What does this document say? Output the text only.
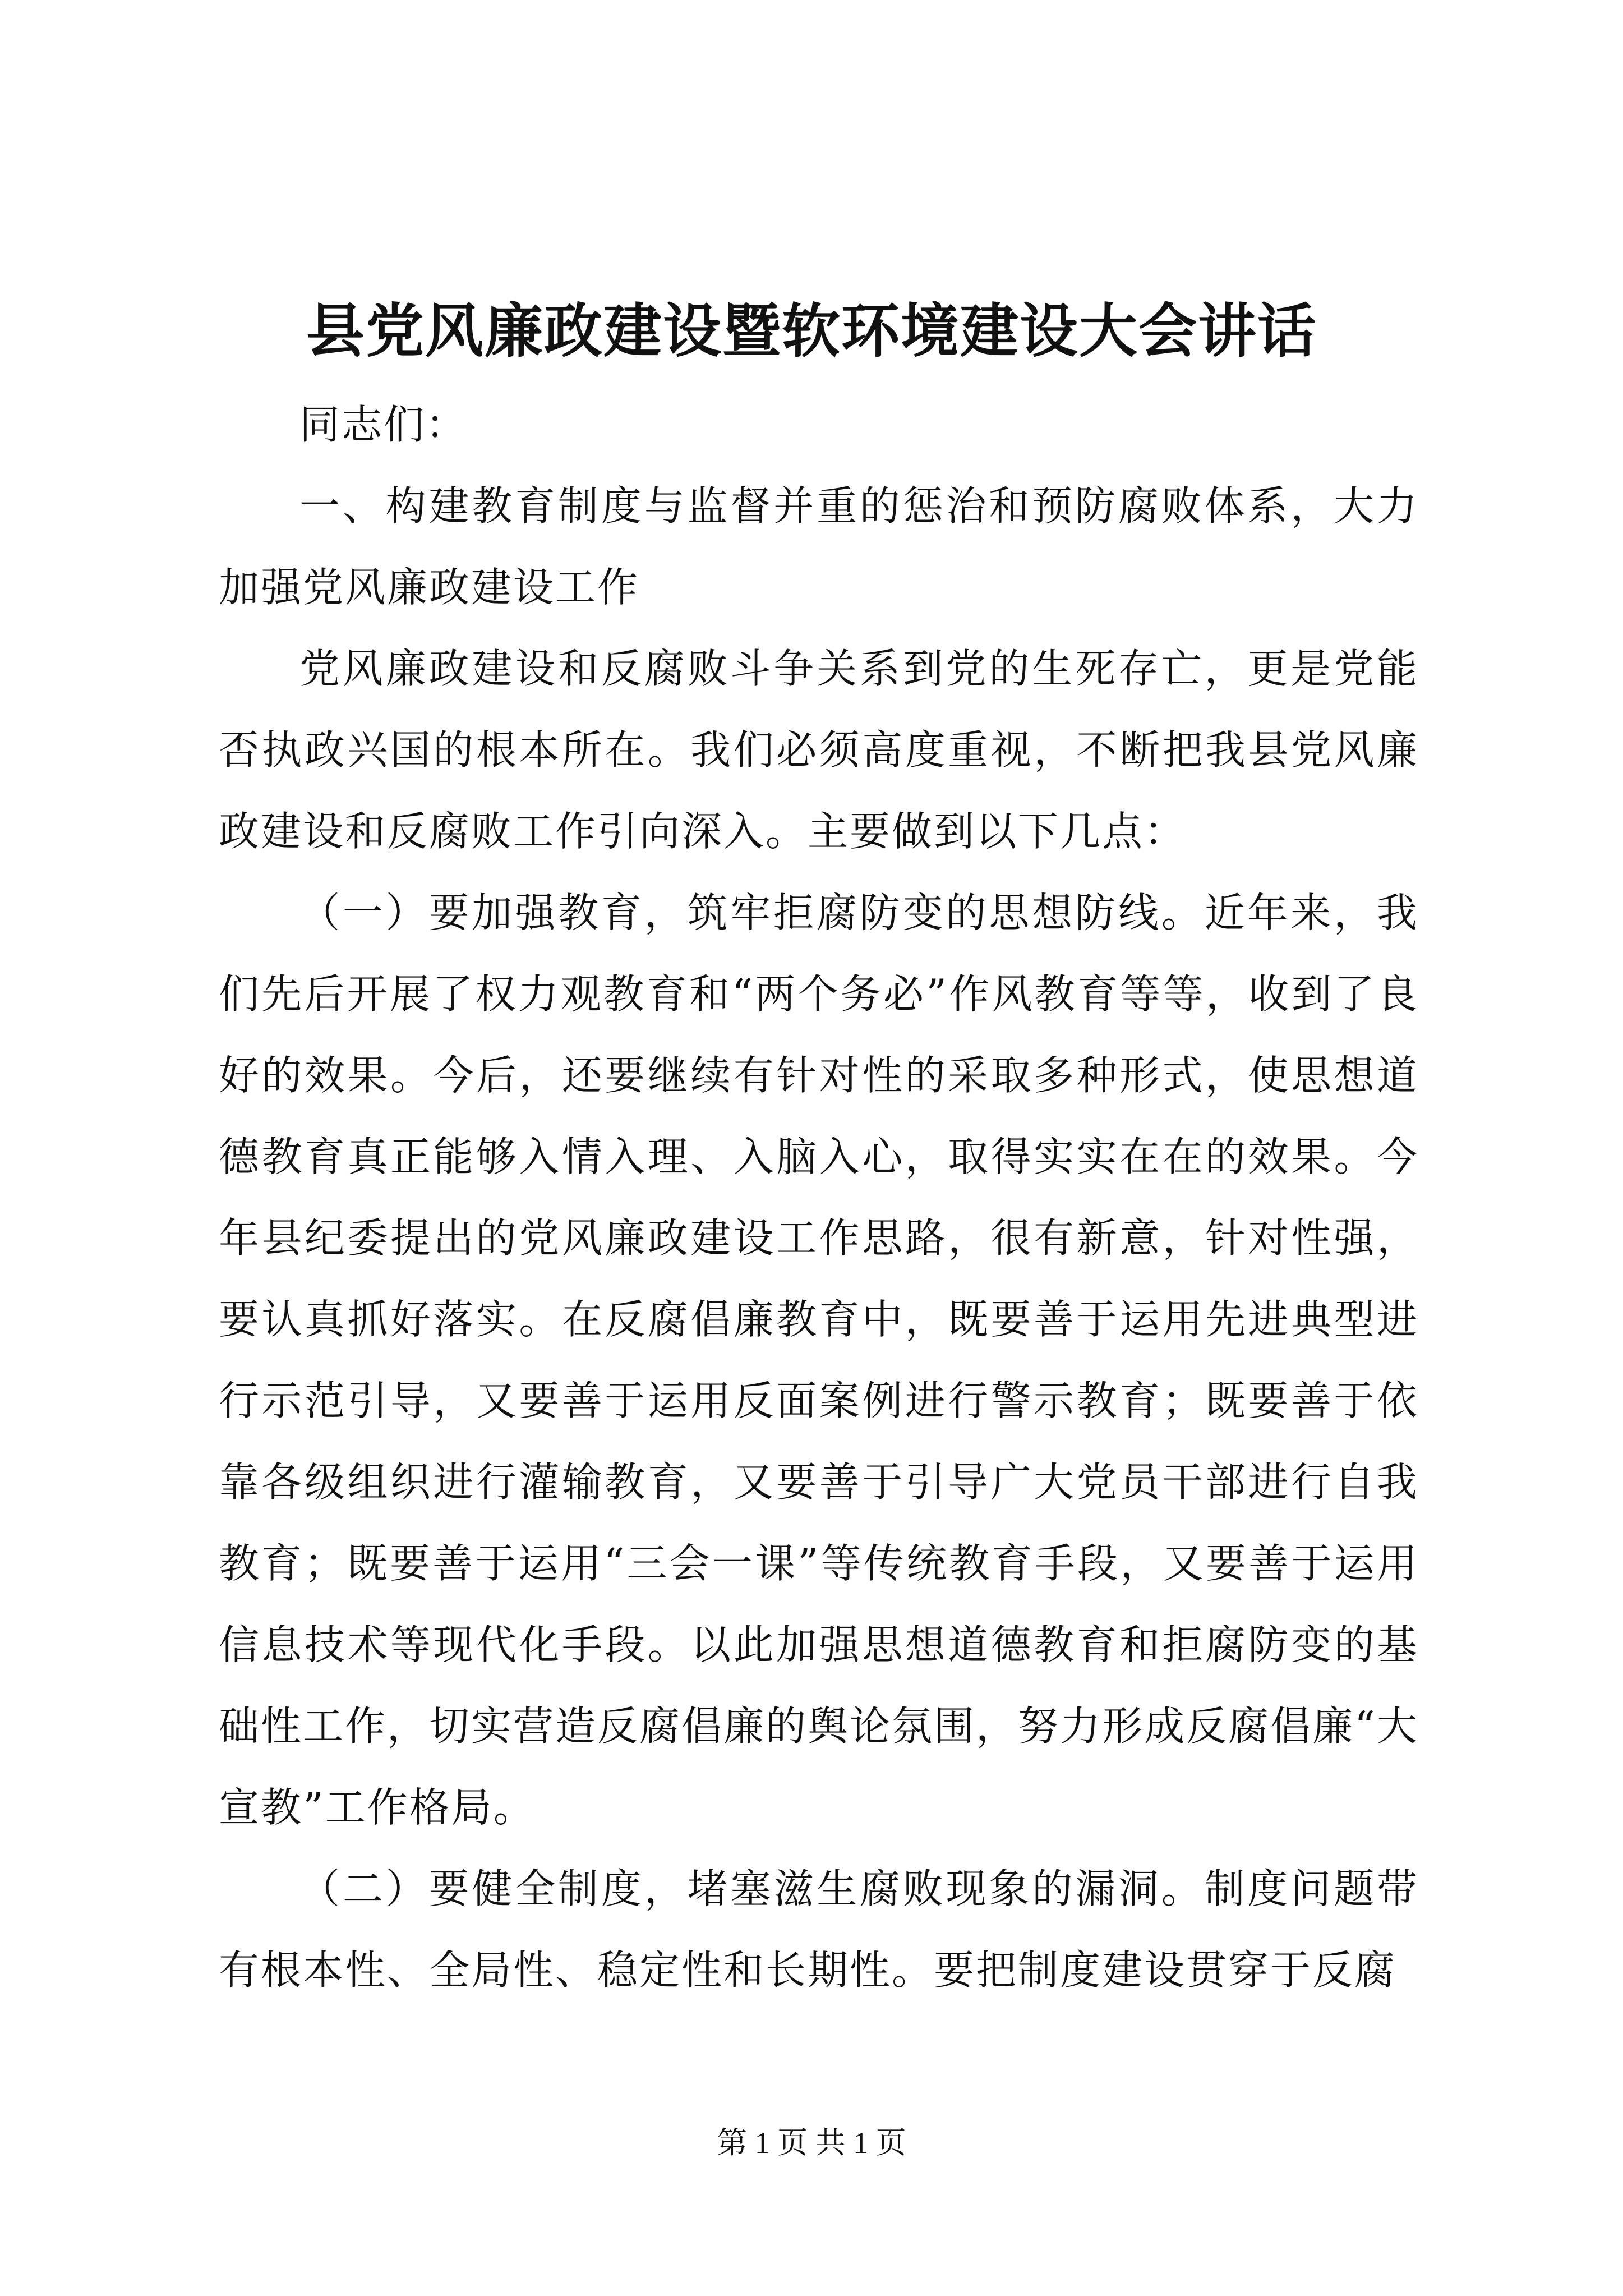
县党风廉政建设暨软环境建设大会讲话

同志们：

一、构建教育制度与监督并重的惩治和预防腐败体系，大力加强党风廉政建设工作

党风廉政建设和反腐败斗争关系到党的生死存亡，更是党能否执政兴国的根本所在。我们必须高度重视，不断把我县党风廉政建设和反腐败工作引向深入。主要做到以下几点：

（一）要加强教育，筑牢拒腐防变的思想防线。近年来，我们先后开展了权力观教育和“两个务必”作风教育等等，收到了良好的效果。今后，还要继续有针对性的采取多种形式，使思想道德教育真正能够入情入理、入脑入心，取得实实在在的效果。今年县纪委提出的党风廉政建设工作思路，很有新意，针对性强，要认真抓好落实。在反腐倡廉教育中，既要善于运用先进典型进行示范引导，又要善于运用反面案例进行警示教育；既要善于依靠各级组织进行灌输教育，又要善于引导广大党员干部进行自我教育；既要善于运用“三会一课”等传统教育手段，又要善于运用信息技术等现代化手段。以此加强思想道德教育和拒腐防变的基础性工作，切实营造反腐倡廉的舆论氛围，努力形成反腐倡廉“大宣教”工作格局。

（二）要健全制度，堵塞滋生腐败现象的漏洞。制度问题带有根本性、全局性、稳定性和长期性。要把制度建设贯穿于反腐

第 1 页 共 1 页
